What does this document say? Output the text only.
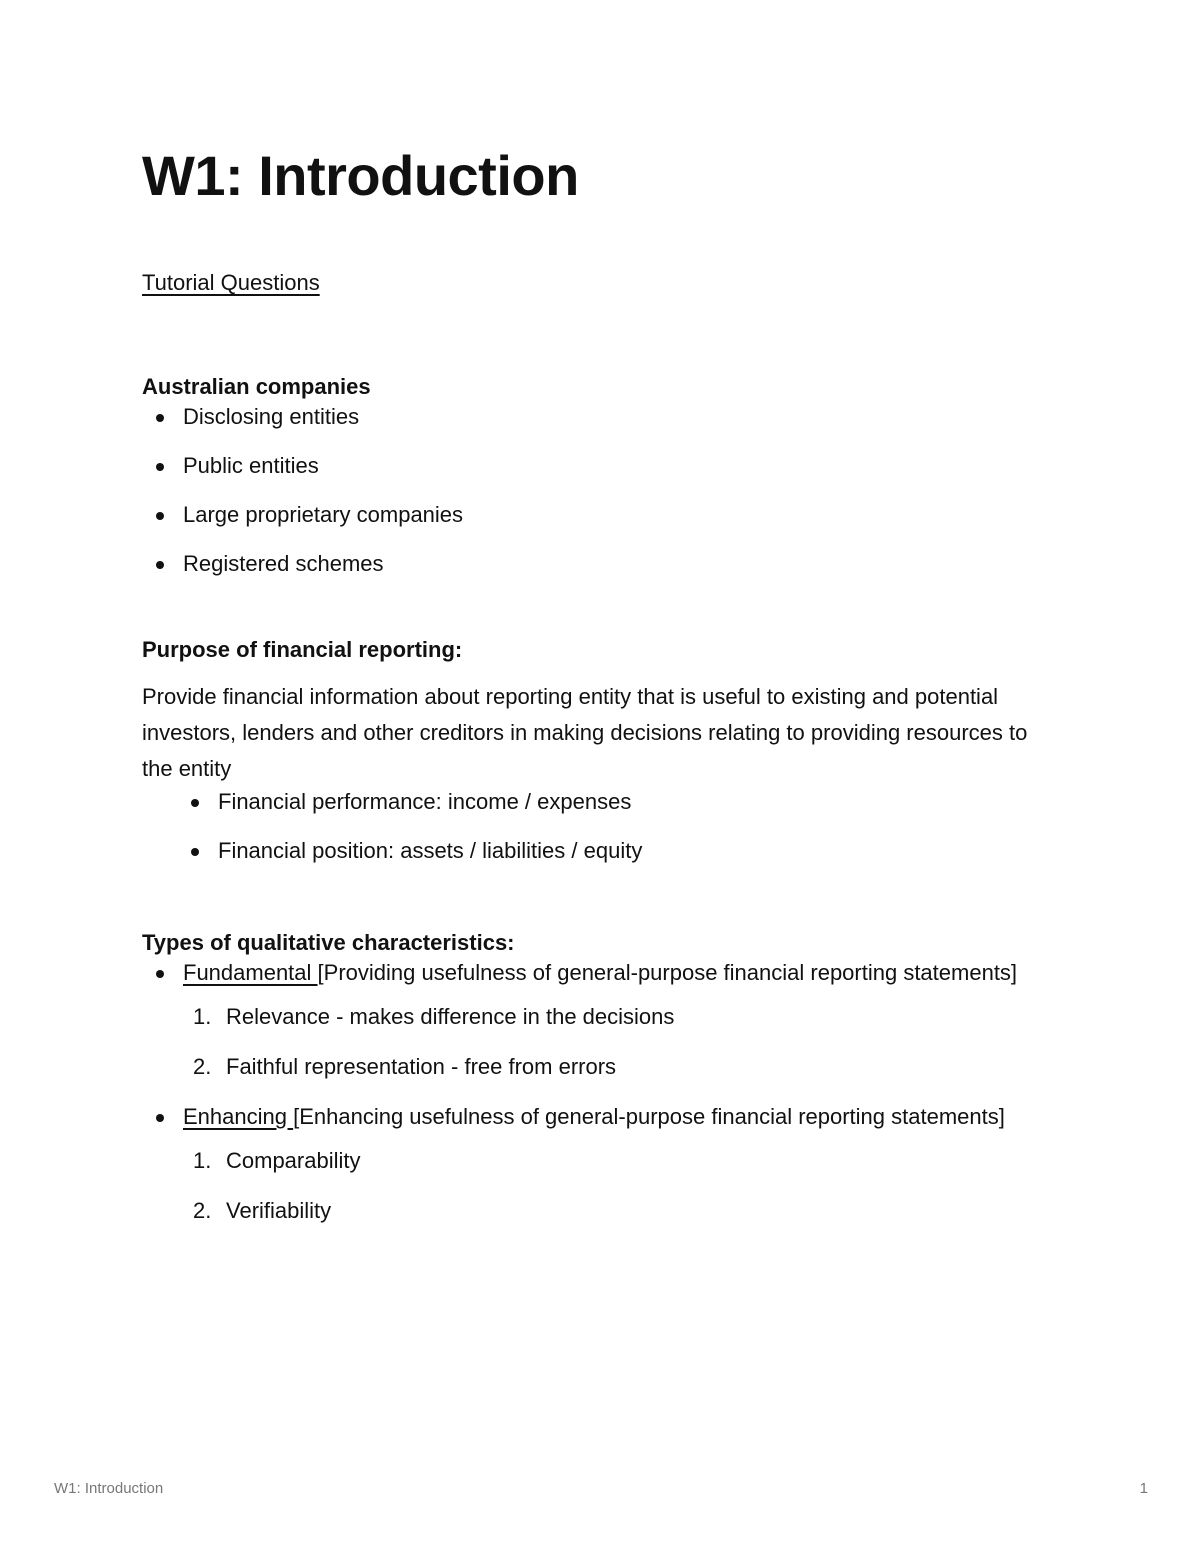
W1: Introduction
Tutorial Questions

Australian companies

Disclosing entities
Public entities
Large proprietary companies
Registered schemes

Purpose of financial reporting:

Provide financial information about reporting entity that is useful to existing and potential investors, lenders and other creditors in making decisions relating to providing resources to the entity

Financial performance: income / expenses
Financial position: assets / liabilities / equity

Types of qualitative characteristics:

Fundamental [Providing usefulness of general-purpose financial reporting statements]
1. Relevance - makes difference in the decisions
2. Faithful representation - free from errors
Enhancing [Enhancing usefulness of general-purpose financial reporting statements]
1. Comparability
2. Verifiability
W1: Introduction	1
